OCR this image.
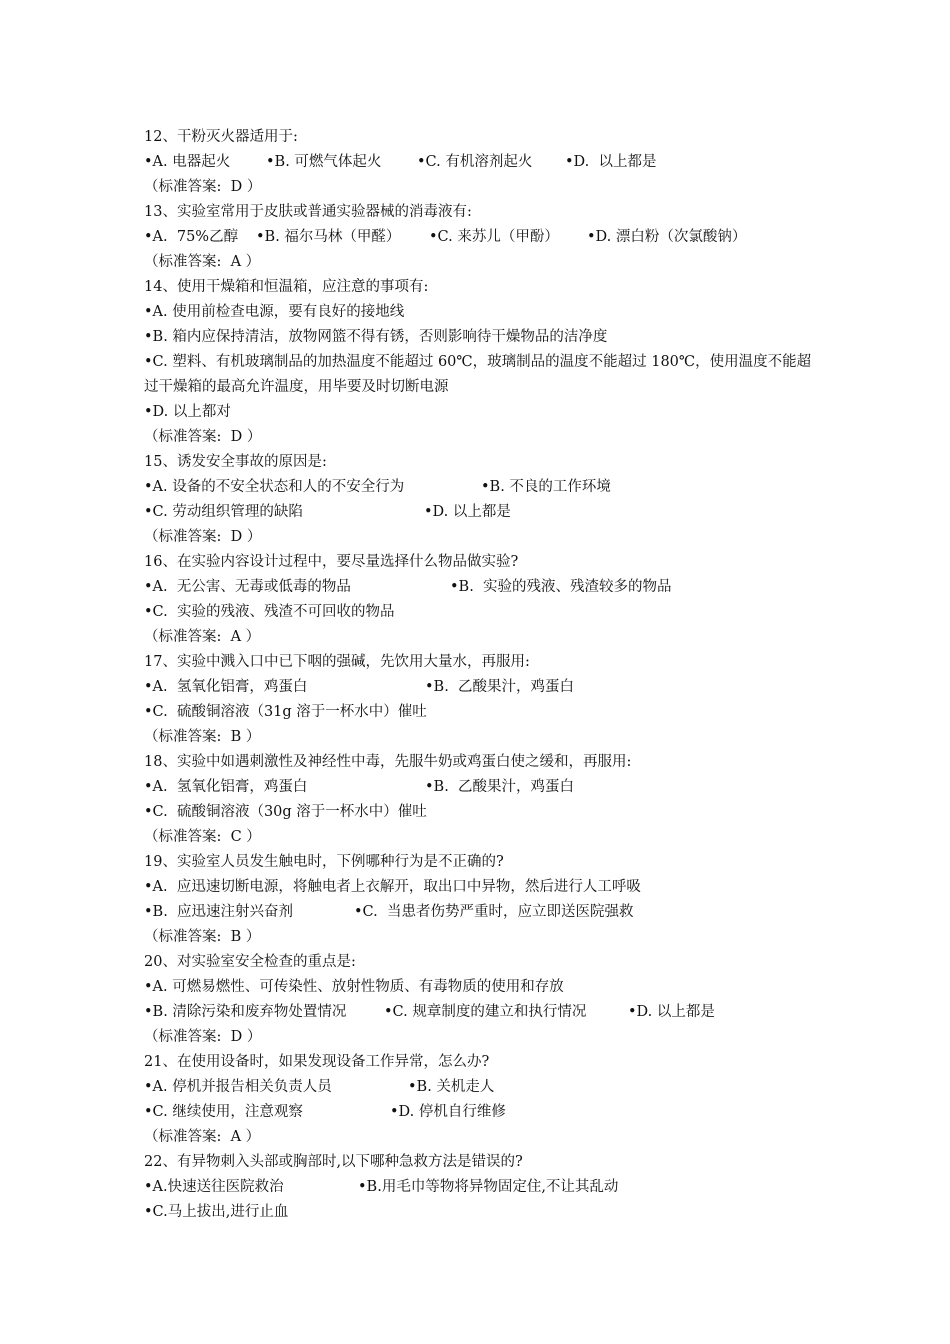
12、干粉灭火器适用于:
•A. 电器起火 •B. 可燃气体起火 •C. 有机溶剂起火 •D.  以上都是
（标准答案:  D ）
13、实验室常用于皮肤或普通实验器械的消毒液有:
•A.  75%乙醇 •B. 福尔马林（甲醛） •C. 来苏儿（甲酚） •D. 漂白粉（次氯酸钠）
（标准答案:  A ）
14、使用干燥箱和恒温箱，应注意的事项有:
•A. 使用前检查电源，要有良好的接地线
•B. 箱内应保持清洁，放物网篮不得有锈，否则影响待干燥物品的洁净度
•C. 塑料、有机玻璃制品的加热温度不能超过 60℃，玻璃制品的温度不能超过 180℃，使用温度不能超过干燥箱的最高允许温度，用毕要及时切断电源
•D. 以上都对
（标准答案:  D ）
15、诱发安全事故的原因是:
•A. 设备的不安全状态和人的不安全行为	•B. 不良的工作环境
•C. 劳动组织管理的缺陷	•D. 以上都是
（标准答案:  D ）
16、在实验内容设计过程中，要尽量选择什么物品做实验?
•A.  无公害、无毒或低毒的物品	•B.  实验的残液、残渣较多的物品
•C.  实验的残液、残渣不可回收的物品
（标准答案:  A ）
17、实验中溅入口中已下咽的强碱，先饮用大量水，再服用:
•A.  氢氧化铝膏，鸡蛋白	•B.  乙酸果汁，鸡蛋白
•C.  硫酸铜溶液（31g 溶于一杯水中）催吐
（标准答案:  B ）
18、实验中如遇刺激性及神经性中毒，先服牛奶或鸡蛋白使之缓和，再服用:
•A.  氢氧化铝膏，鸡蛋白	•B.  乙酸果汁，鸡蛋白
•C.  硫酸铜溶液（30g 溶于一杯水中）催吐
（标准答案:  C ）
19、实验室人员发生触电时，下例哪种行为是不正确的?
•A.  应迅速切断电源，将触电者上衣解开，取出口中异物，然后进行人工呼吸
•B.  应迅速注射兴奋剂	•C.  当患者伤势严重时，应立即送医院强救
（标准答案:  B ）
20、对实验室安全检查的重点是:
•A. 可燃易燃性、可传染性、放射性物质、有毒物质的使用和存放
•B. 清除污染和废弃物处置情况	•C. 规章制度的建立和执行情况	•D. 以上都是
（标准答案:  D ）
21、在使用设备时，如果发现设备工作异常，怎么办?
•A. 停机并报告相关负责人员	•B. 关机走人
•C. 继续使用，注意观察	•D. 停机自行维修
（标准答案:  A ）
22、有异物刺入头部或胸部时,以下哪种急救方法是错误的?
•A.快速送往医院救治	•B.用毛巾等物将异物固定住,不让其乱动
•C.马上拔出,进行止血
